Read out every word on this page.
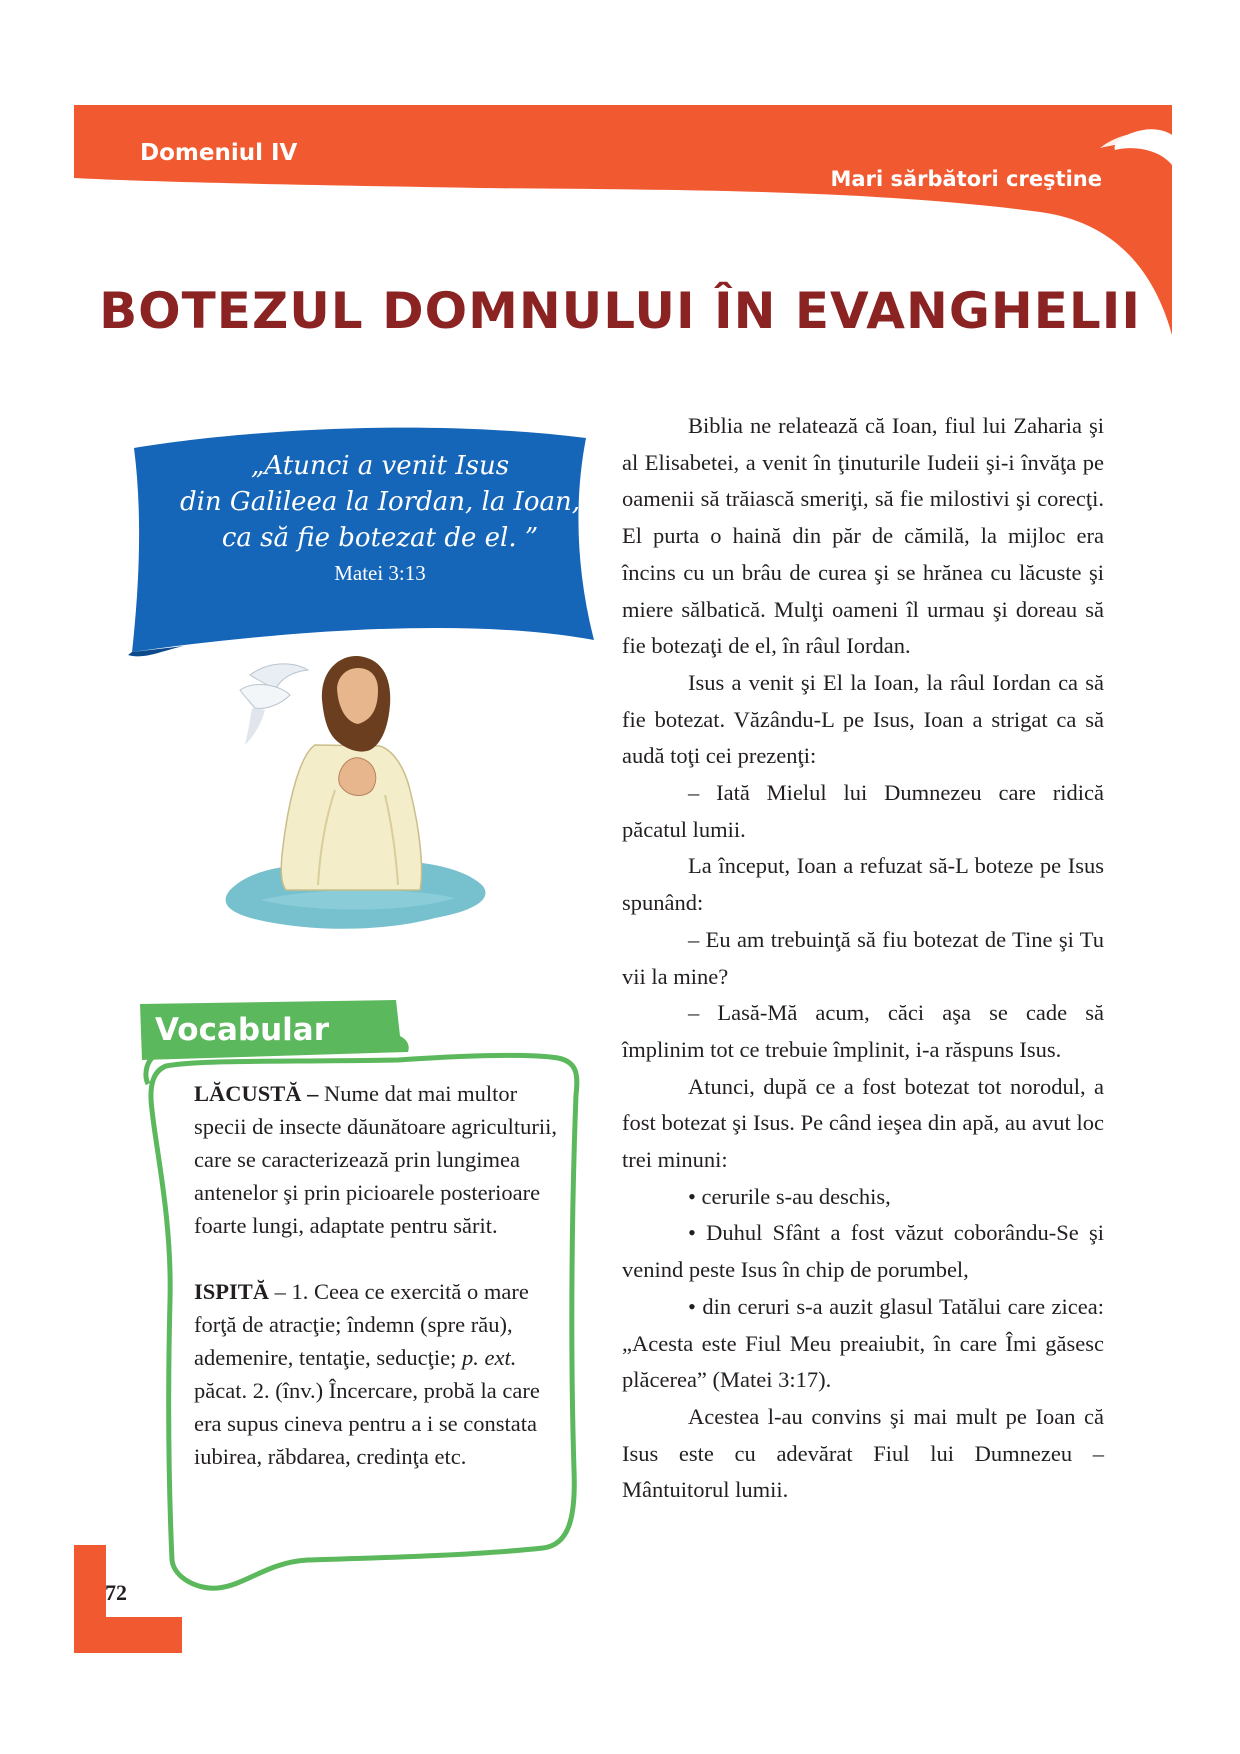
Domeniul IV
Mari sărbători creştine
BOTEZUL DOMNULUI ÎN EVANGHELII
„Atunci a venit Isus
din Galileea la Iordan, la Ioan,
ca să fie botezat de el. ”
Matei 3:13
Vocabular

LĂCUSTĂ – Nume dat mai multor specii de insecte dăunătoare agriculturii, care se caracterizează prin lungimea antenelor şi prin picioarele posterioare foarte lungi, adaptate pentru sărit.

ISPITĂ – 1. Ceea ce exercită o mare forţă de atracţie; îndemn (spre rău), ademenire, tentaţie, seducţie; p. ext. păcat. 2. (înv.) Încercare, probă la care era supus cineva pentru a i se constata iubirea, răbdarea, credinţa etc.

Biblia ne relatează că Ioan, fiul lui Zaharia şi al Elisabetei, a venit în ţinuturile Iudeii şi-i învăţa pe oamenii să trăiască smeriţi, să fie milostivi şi corecţi. El purta o haină din păr de cămilă, la mijloc era încins cu un brâu de curea şi se hrănea cu lăcuste şi miere sălbatică. Mulţi oameni îl urmau şi doreau să fie botezaţi de el, în râul Iordan.

Isus a venit şi El la Ioan, la râul Iordan ca să fie botezat. Văzându-L pe Isus, Ioan a strigat ca să audă toţi cei prezenţi:

– Iată Mielul lui Dumnezeu care ridică păcatul lumii.

La început, Ioan a refuzat să-L boteze pe Isus spunând:

– Eu am trebuinţă să fiu botezat de Tine şi Tu vii la mine?

– Lasă-Mă acum, căci aşa se cade să împlinim tot ce trebuie împlinit, i-a răspuns Isus.

Atunci, după ce a fost botezat tot norodul, a fost botezat şi Isus. Pe când ieşea din apă, au avut loc trei minuni:

• cerurile s-au deschis,

• Duhul Sfânt a fost văzut coborându-Se şi venind peste Isus în chip de porumbel,

• din ceruri s-a auzit glasul Tatălui care zicea: „Acesta este Fiul Meu preaiubit, în care Îmi găsesc plăcerea” (Matei 3:17).

Acestea l-au convins şi mai mult pe Ioan că Isus este cu adevărat Fiul lui Dumnezeu – Mântuitorul lumii.

72
